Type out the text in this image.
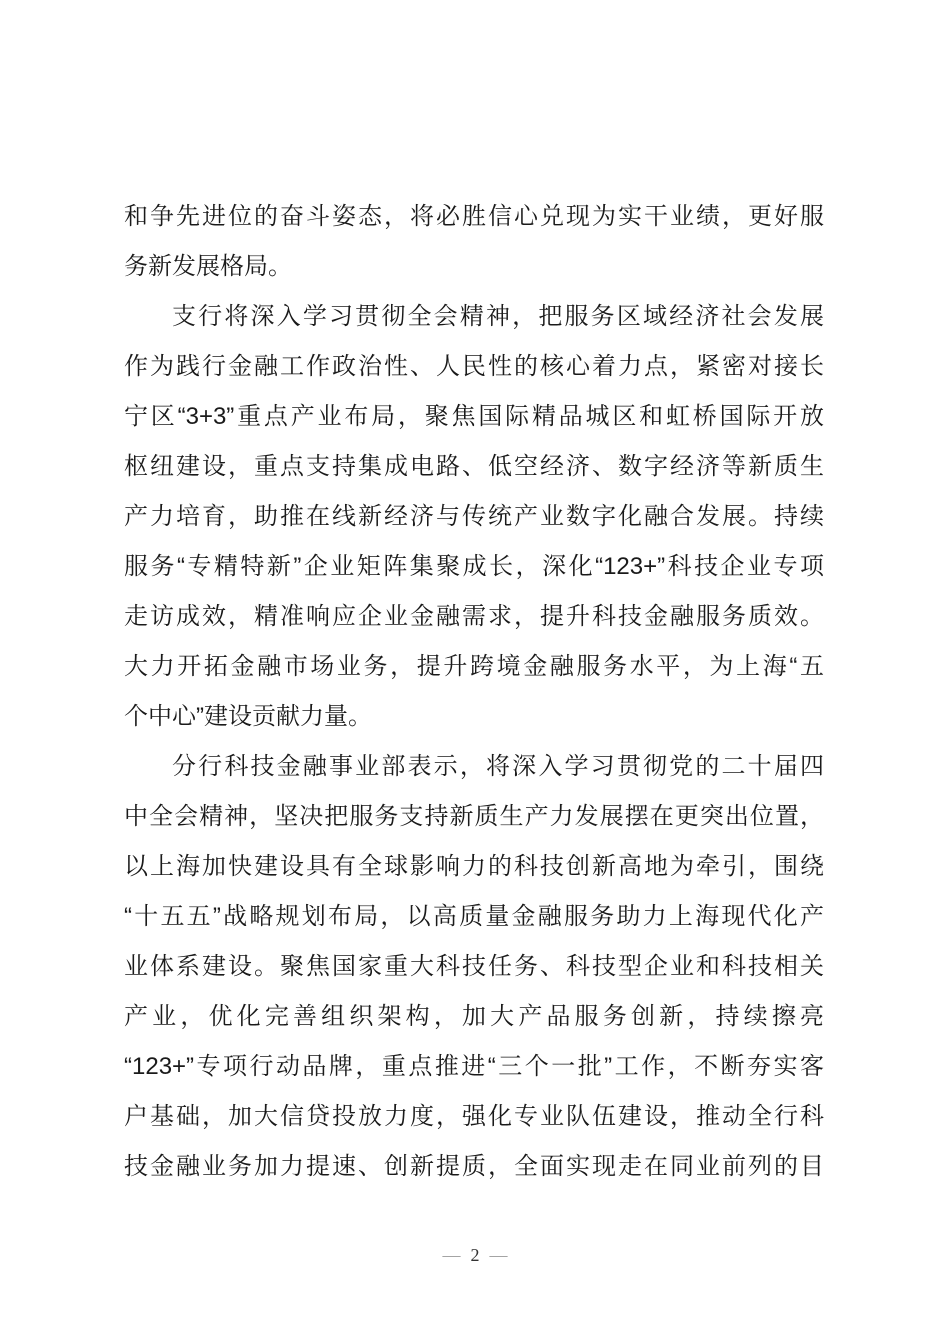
和争先进位的奋斗姿态，将必胜信心兑现为实干业绩，更好服
务新发展格局。
支行将深入学习贯彻全会精神，把服务区域经济社会发展
作为践行金融工作政治性、人民性的核心着力点，紧密对接长
宁区“3+3”重点产业布局，聚焦国际精品城区和虹桥国际开放
枢纽建设，重点支持集成电路、低空经济、数字经济等新质生
产力培育，助推在线新经济与传统产业数字化融合发展。持续
服务“专精特新”企业矩阵集聚成长，深化“123+”科技企业专项
走访成效，精准响应企业金融需求，提升科技金融服务质效。
大力开拓金融市场业务，提升跨境金融服务水平，为上海“五
个中心”建设贡献力量。
分行科技金融事业部表示，将深入学习贯彻党的二十届四
中全会精神，坚决把服务支持新质生产力发展摆在更突出位置，
以上海加快建设具有全球影响力的科技创新高地为牵引，围绕
“十五五”战略规划布局，以高质量金融服务助力上海现代化产
业体系建设。聚焦国家重大科技任务、科技型企业和科技相关
产业，优化完善组织架构，加大产品服务创新，持续擦亮
“123+”专项行动品牌，重点推进“三个一批”工作，不断夯实客
户基础，加大信贷投放力度，强化专业队伍建设，推动全行科
技金融业务加力提速、创新提质，全面实现走在同业前列的目
— 2 —
